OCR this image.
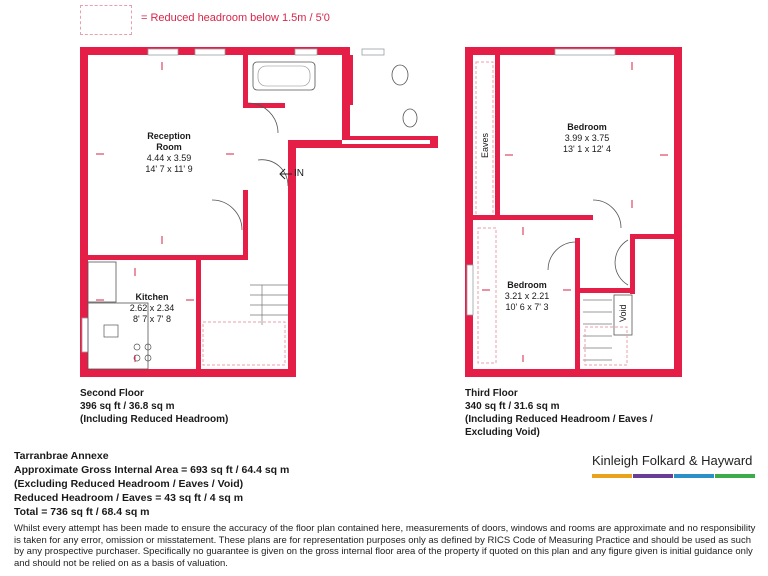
= Reduced headroom below 1.5m / 5'0
Reception Room
4.44 x 3.59
14' 7 x 11' 9
Kitchen
2.62 x 2.34
8' 7 x 7' 8
IN
Bedroom
3.99 x 3.75
13' 1 x 12' 4
Bedroom
3.21 x 2.21
10' 6 x 7' 3
Eaves
Void
Second Floor
396 sq ft / 36.8 sq m
(Including Reduced Headroom)
Third Floor
340 sq ft / 31.6 sq m
(Including Reduced Headroom / Eaves /
Excluding Void)
Tarranbrae Annexe
Approximate Gross Internal Area = 693 sq ft / 64.4 sq m
(Excluding Reduced Headroom / Eaves / Void)
Reduced Headroom / Eaves = 43 sq ft / 4 sq m
Total = 736 sq ft / 68.4 sq m
Kinleigh Folkard & Hayward
Whilst every attempt has been made to ensure the accuracy of the floor plan contained here, measurements of doors, windows and rooms are approximate and no responsibility is taken for any error, omission or misstatement. These plans are for representation purposes only as defined by RICS Code of Measuring Practice and should be used as such by any prospective purchaser. Specifically no guarantee is given on the gross internal floor area of the property if quoted on this plan and any figure given is initial guidance only and should not be relied on as a basis of valuation.
